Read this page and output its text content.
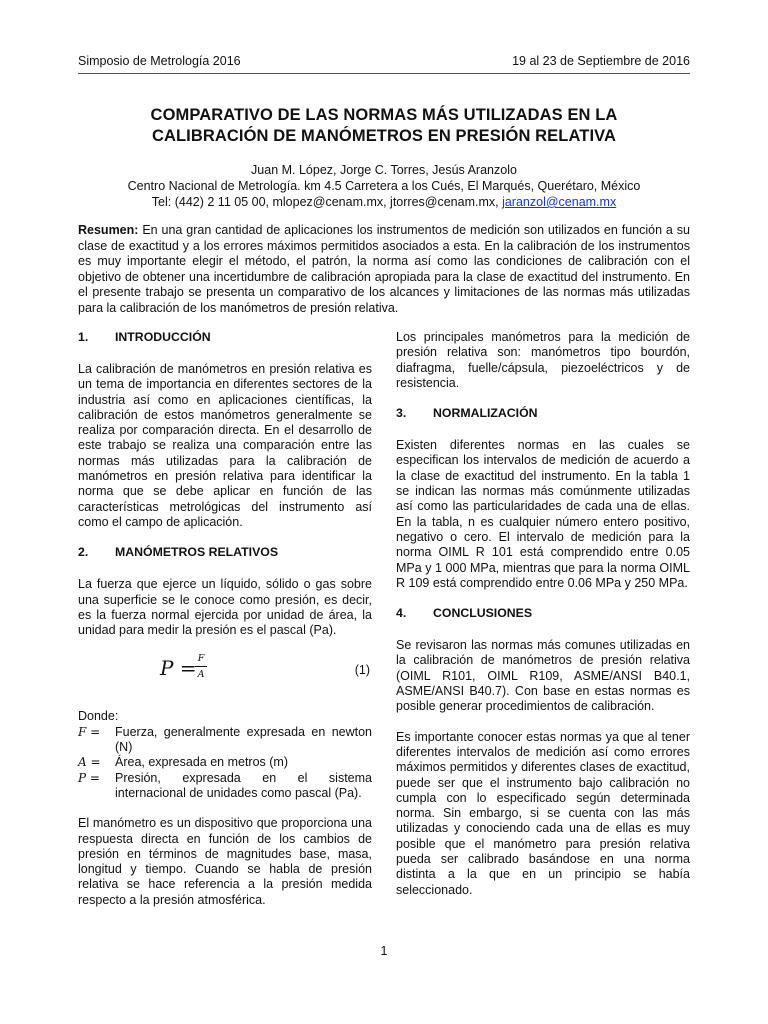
Simposio de Metrología 2016	19 al 23 de Septiembre de 2016
COMPARATIVO DE LAS NORMAS MÁS UTILIZADAS EN LA
CALIBRACIÓN DE MANÓMETROS EN PRESIÓN RELATIVA
Juan M. López, Jorge C. Torres, Jesús Aranzolo
Centro Nacional de Metrología. km 4.5 Carretera a los Cués, El Marqués, Querétaro, México
Tel: (442) 2 11 05 00, mlopez@cenam.mx, jtorres@cenam.mx, jaranzol@cenam.mx
Resumen: En una gran cantidad de aplicaciones los instrumentos de medición son utilizados en función a su clase de exactitud y a los errores máximos permitidos asociados a esta. En la calibración de los instrumentos es muy importante elegir el método, el patrón, la norma así como las condiciones de calibración con el objetivo de obtener una incertidumbre de calibración apropiada para la clase de exactitud del instrumento. En el presente trabajo se presenta un comparativo de los alcances y limitaciones de las normas más utilizadas para la calibración de los manómetros de presión relativa.
1.	INTRODUCCIÓN

La calibración de manómetros en presión relativa es un tema de importancia en diferentes sectores de la industria así como en aplicaciones científicas, la calibración de estos manómetros generalmente se realiza por comparación directa. En el desarrollo de este trabajo se realiza una comparación entre las normas más utilizadas para la calibración de manómetros en presión relativa para identificar la norma que se debe aplicar en función de las características metrológicas del instrumento así como el campo de aplicación.

2.	MANÓMETROS RELATIVOS

La fuerza que ejerce un líquido, sólido o gas sobre una superficie se le conoce como presión, es decir, es la fuerza normal ejercida por unidad de área, la unidad para medir la presión es el pascal (Pa).

P = F
A	(1)
Donde:
F =	Fuerza, generalmente expresada en newton (N)
A =	Área, expresada en metros (m)
P =	Presión, expresada en el sistema internacional de unidades como pascal (Pa).

El manómetro es un dispositivo que proporciona una respuesta directa en función de los cambios de presión en términos de magnitudes base, masa, longitud y tiempo. Cuando se habla de presión relativa se hace referencia a la presión medida respecto a la presión atmosférica.

Los principales manómetros para la medición de presión relativa son: manómetros tipo bourdón, diafragma, fuelle/cápsula, piezoeléctricos y de resistencia.

3.	NORMALIZACIÓN

Existen diferentes normas en las cuales se especifican los intervalos de medición de acuerdo a la clase de exactitud del instrumento. En la tabla 1 se indican las normas más comúnmente utilizadas así como las particularidades de cada una de ellas. En la tabla, n es cualquier número entero positivo, negativo o cero. El intervalo de medición para la norma OIML R 101 está comprendido entre 0.05 MPa y 1 000 MPa, mientras que para la norma OIML R 109 está comprendido entre 0.06 MPa y 250 MPa.

4.	CONCLUSIONES

Se revisaron las normas más comunes utilizadas en la calibración de manómetros de presión relativa (OIML R101, OIML R109, ASME/ANSI B40.1, ASME/ANSI B40.7). Con base en estas normas es posible generar procedimientos de calibración.

Es importante conocer estas normas ya que al tener diferentes intervalos de medición así como errores máximos permitidos y diferentes clases de exactitud, puede ser que el instrumento bajo calibración no cumpla con lo especificado según determinada norma. Sin embargo, si se cuenta con las más utilizadas y conociendo cada una de ellas es muy posible que el manómetro para presión relativa pueda ser calibrado basándose en una norma distinta a la que en un principio se había seleccionado.

1
